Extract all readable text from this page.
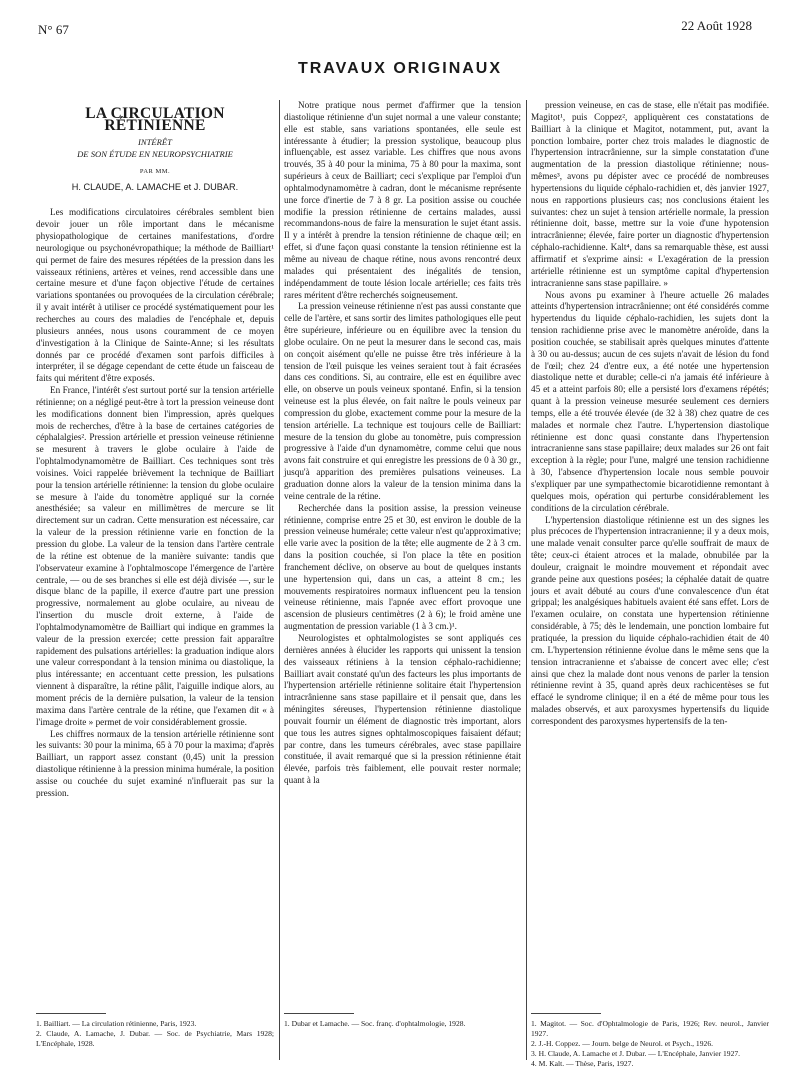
N° 67	22 Août 1928
TRAVAUX ORIGINAUX
LA CIRCULATION RÉTINIENNE
INTÉRÊT
DE SON ÉTUDE EN NEUROPSYCHIATRIE
PAR MM.
H. CLAUDE, A. LAMACHE et J. DUBAR.

Les modifications circulatoires cérébrales semblent bien devoir jouer un rôle important dans le mécanisme physiopathologique de certaines manifestations, d'ordre neurologique ou psychonévropathique; la méthode de Bailliart¹ qui permet de faire des mesures répétées de la pression dans les vaisseaux rétiniens, artères et veines, rend accessible dans une certaine mesure et d'une façon objective l'étude de certaines variations spontanées ou provoquées de la circulation cérébrale; il y avait intérêt à utiliser ce procédé systématiquement pour les recherches au cours des maladies de l'encéphale et, depuis plusieurs années, nous usons couramment de ce moyen d'investigation à la Clinique de Sainte-Anne; si les résultats donnés par ce procédé d'examen sont parfois difficiles à interpréter, il se dégage cependant de cette étude un faisceau de faits qui méritent d'être exposés.

En France, l'intérêt s'est surtout porté sur la tension artérielle rétinienne; on a négligé peut-être à tort la pression veineuse dont les modifications donnent bien l'impression, après quelques mois de recherches, d'être à la base de certaines catégories de céphalalgies². Pression artérielle et pression veineuse rétinienne se mesurent à travers le globe oculaire à l'aide de l'ophtalmodynamomètre de Bailliart. Ces techniques sont très voisines. Voici rappelée brièvement la technique de Bailliart pour la tension artérielle rétinienne: la tension du globe oculaire se mesure à l'aide du tonomètre appliqué sur la cornée anesthésiée; sa valeur en millimètres de mercure se lit directement sur un cadran. Cette mensuration est nécessaire, car la valeur de la pression rétinienne varie en fonction de la pression du globe. La valeur de la tension dans l'artère centrale de la rétine est obtenue de la manière suivante: tandis que l'observateur examine à l'ophtalmoscope l'émergence de l'artère centrale, — ou de ses branches si elle est déjà divisée —, sur le disque blanc de la papille, il exerce d'autre part une pression progressive, normalement au globe oculaire, au niveau de l'insertion du muscle droit externe, à l'aide de l'ophtalmodynamomètre de Bailliart qui indique en grammes la valeur de la pression exercée; cette pression fait apparaître rapidement des pulsations artérielles: la graduation indique alors une valeur correspondant à la tension minima ou diastolique, la plus intéressante; en accentuant cette pression, les pulsations viennent à disparaître, la rétine pâlit, l'aiguille indique alors, au moment précis de la dernière pulsation, la valeur de la tension maxima dans l'artère centrale de la rétine, que l'examen dit « à l'image droite » permet de voir considérablement grossie.

Les chiffres normaux de la tension artérielle rétinienne sont les suivants: 30 pour la minima, 65 à 70 pour la maxima; d'après Bailliart, un rapport assez constant (0,45) unit la pression diastolique rétinienne à la pression minima humérale, la position assise ou couchée du sujet examiné n'influerait pas sur la pression.

1. Bailliart. — La circulation rétinienne, Paris, 1923.
2. Claude, A. Lamache, J. Dubar. — Soc. de Psychiatrie, Mars 1928; L'Encéphale, 1928.

Notre pratique nous permet d'affirmer que la tension diastolique rétinienne d'un sujet normal a une valeur constante; elle est stable, sans variations spontanées, elle seule est intéressante à étudier; la pression systolique, beaucoup plus influençable, est assez variable. Les chiffres que nous avons trouvés, 35 à 40 pour la minima, 75 à 80 pour la maxima, sont supérieurs à ceux de Bailliart; ceci s'explique par l'emploi d'un ophtalmodynamomètre à cadran, dont le mécanisme représente une force d'inertie de 7 à 8 gr. La position assise ou couchée modifie la pression rétinienne de certains malades, aussi recommandons-nous de faire la mensuration le sujet étant assis. Il y a intérêt à prendre la tension rétinienne de chaque œil; en effet, si d'une façon quasi constante la tension rétinienne est la même au niveau de chaque rétine, nous avons rencontré deux malades qui présentaient des inégalités de tension, indépendamment de toute lésion locale artérielle; ces faits très rares méritent d'être recherchés soigneusement.

La pression veineuse rétinienne n'est pas aussi constante que celle de l'artère, et sans sortir des limites pathologiques elle peut être supérieure, inférieure ou en équilibre avec la tension du globe oculaire. On ne peut la mesurer dans le second cas, mais on conçoit aisément qu'elle ne puisse être très inférieure à la tension de l'œil puisque les veines seraient tout à fait écrasées dans ces conditions. Si, au contraire, elle est en équilibre avec elle, on observe un pouls veineux spontané. Enfin, si la tension veineuse est la plus élevée, on fait naître le pouls veineux par compression du globe, exactement comme pour la mesure de la tension artérielle. La technique est toujours celle de Bailliart: mesure de la tension du globe au tonomètre, puis compression progressive à l'aide d'un dynamomètre, comme celui que nous avons fait construire et qui enregistre les pressions de 0 à 30 gr., jusqu'à apparition des premières pulsations veineuses. La graduation donne alors la valeur de la tension minima dans la veine centrale de la rétine.

Recherchée dans la position assise, la pression veineuse rétinienne, comprise entre 25 et 30, est environ le double de la pression veineuse humérale; cette valeur n'est qu'approximative; elle varie avec la position de la tête; elle augmente de 2 à 3 cm. dans la position couchée, si l'on place la tête en position franchement déclive, on observe au bout de quelques instants une hypertension qui, dans un cas, a atteint 8 cm.; les mouvements respiratoires normaux influencent peu la tension veineuse rétinienne, mais l'apnée avec effort provoque une ascension de plusieurs centimètres (2 à 6); le froid amène une augmentation de pression variable (1 à 3 cm.)¹.

Neurologistes et ophtalmologistes se sont appliqués ces dernières années à élucider les rapports qui unissent la tension des vaisseaux rétiniens à la tension céphalo-rachidienne; Bailliart avait constaté qu'un des facteurs les plus importants de l'hypertension artérielle rétinienne solitaire était l'hypertension intracrânienne sans stase papillaire et il pensait que, dans les méningites séreuses, l'hypertension rétinienne diastolique pouvait fournir un élément de diagnostic très important, alors que tous les autres signes ophtalmoscopiques faisaient défaut; par contre, dans les tumeurs cérébrales, avec stase papillaire constituée, il avait remarqué que si la pression rétinienne était élevée, parfois très faiblement, elle pouvait rester normale; quant à la

1. Dubar et Lamache. — Soc. franç. d'ophtalmologie, 1928.

pression veineuse, en cas de stase, elle n'était pas modifiée. Magitot¹, puis Coppez², appliquèrent ces constatations de Bailliart à la clinique et Magitot, notamment, put, avant la ponction lombaire, porter chez trois malades le diagnostic de l'hypertension intracrânienne, sur la simple constatation d'une augmentation de la pression diastolique rétinienne; nous-mêmes³, avons pu dépister avec ce procédé de nombreuses hypertensions du liquide céphalo-rachidien et, dès janvier 1927, nous en rapportions plusieurs cas; nos conclusions étaient les suivantes: chez un sujet à tension artérielle normale, la pression rétinienne doit, basse, mettre sur la voie d'une hypotension intracrânienne; élevée, faire porter un diagnostic d'hypertension céphalo-rachidienne. Kalt⁴, dans sa remarquable thèse, est aussi affirmatif et s'exprime ainsi: « L'exagération de la pression artérielle rétinienne est un symptôme capital d'hypertension intracranienne sans stase papillaire. »

Nous avons pu examiner à l'heure actuelle 26 malades atteints d'hypertension intracrânienne; ont été considérés comme hypertendus du liquide céphalo-rachidien, les sujets dont la tension rachidienne prise avec le manomètre anéroïde, dans la position couchée, se stabilisait après quelques minutes d'attente à 30 ou au-dessus; aucun de ces sujets n'avait de lésion du fond de l'œil; chez 24 d'entre eux, a été notée une hypertension diastolique nette et durable; celle-ci n'a jamais été inférieure à 45 et a atteint parfois 80; elle a persisté lors d'examens répétés; quant à la pression veineuse mesurée seulement ces derniers temps, elle a été trouvée élevée (de 32 à 38) chez quatre de ces malades et normale chez l'autre. L'hypertension diastolique rétinienne est donc quasi constante dans l'hypertension intracranienne sans stase papillaire; deux malades sur 26 ont fait exception à la règle; pour l'une, malgré une tension rachidienne à 30, l'absence d'hypertension locale nous semble pouvoir s'expliquer par une sympathectomie bicarotidienne remontant à quelques mois, opération qui perturbe considérablement les conditions de la circulation cérébrale.

L'hypertension diastolique rétinienne est un des signes les plus précoces de l'hypertension intracranienne; il y a deux mois, une malade venait consulter parce qu'elle souffrait de maux de tête; ceux-ci étaient atroces et la malade, obnubilée par la douleur, craignait le moindre mouvement et répondait avec grande peine aux questions posées; la céphalée datait de quatre jours et avait débuté au cours d'une convalescence d'un état grippal; les analgésiques habituels avaient été sans effet. Lors de l'examen oculaire, on constata une hypertension rétinienne considérable, à 75; dès le lendemain, une ponction lombaire fut pratiquée, la pression du liquide céphalo-rachidien était de 40 cm. L'hypertension rétinienne évolue dans le même sens que la tension intracranienne et s'abaisse de concert avec elle; c'est ainsi que chez la malade dont nous venons de parler la tension rétinienne revint à 35, quand après deux rachicentèses se fut effacé le syndrome clinique; il en a été de même pour tous les malades observés, et aux paroxysmes hypertensifs du liquide correspondent des paroxysmes hypertensifs de la ten-

1. Magitot. — Soc. d'Ophtalmologie de Paris, 1926; Rev. neurol., Janvier 1927.
2. J.-H. Coppez. — Journ. belge de Neurol. et Psych., 1926.
3. H. Claude, A. Lamache et J. Dubar. — L'Encéphale, Janvier 1927.
4. M. Kalt. — Thèse, Paris, 1927.
